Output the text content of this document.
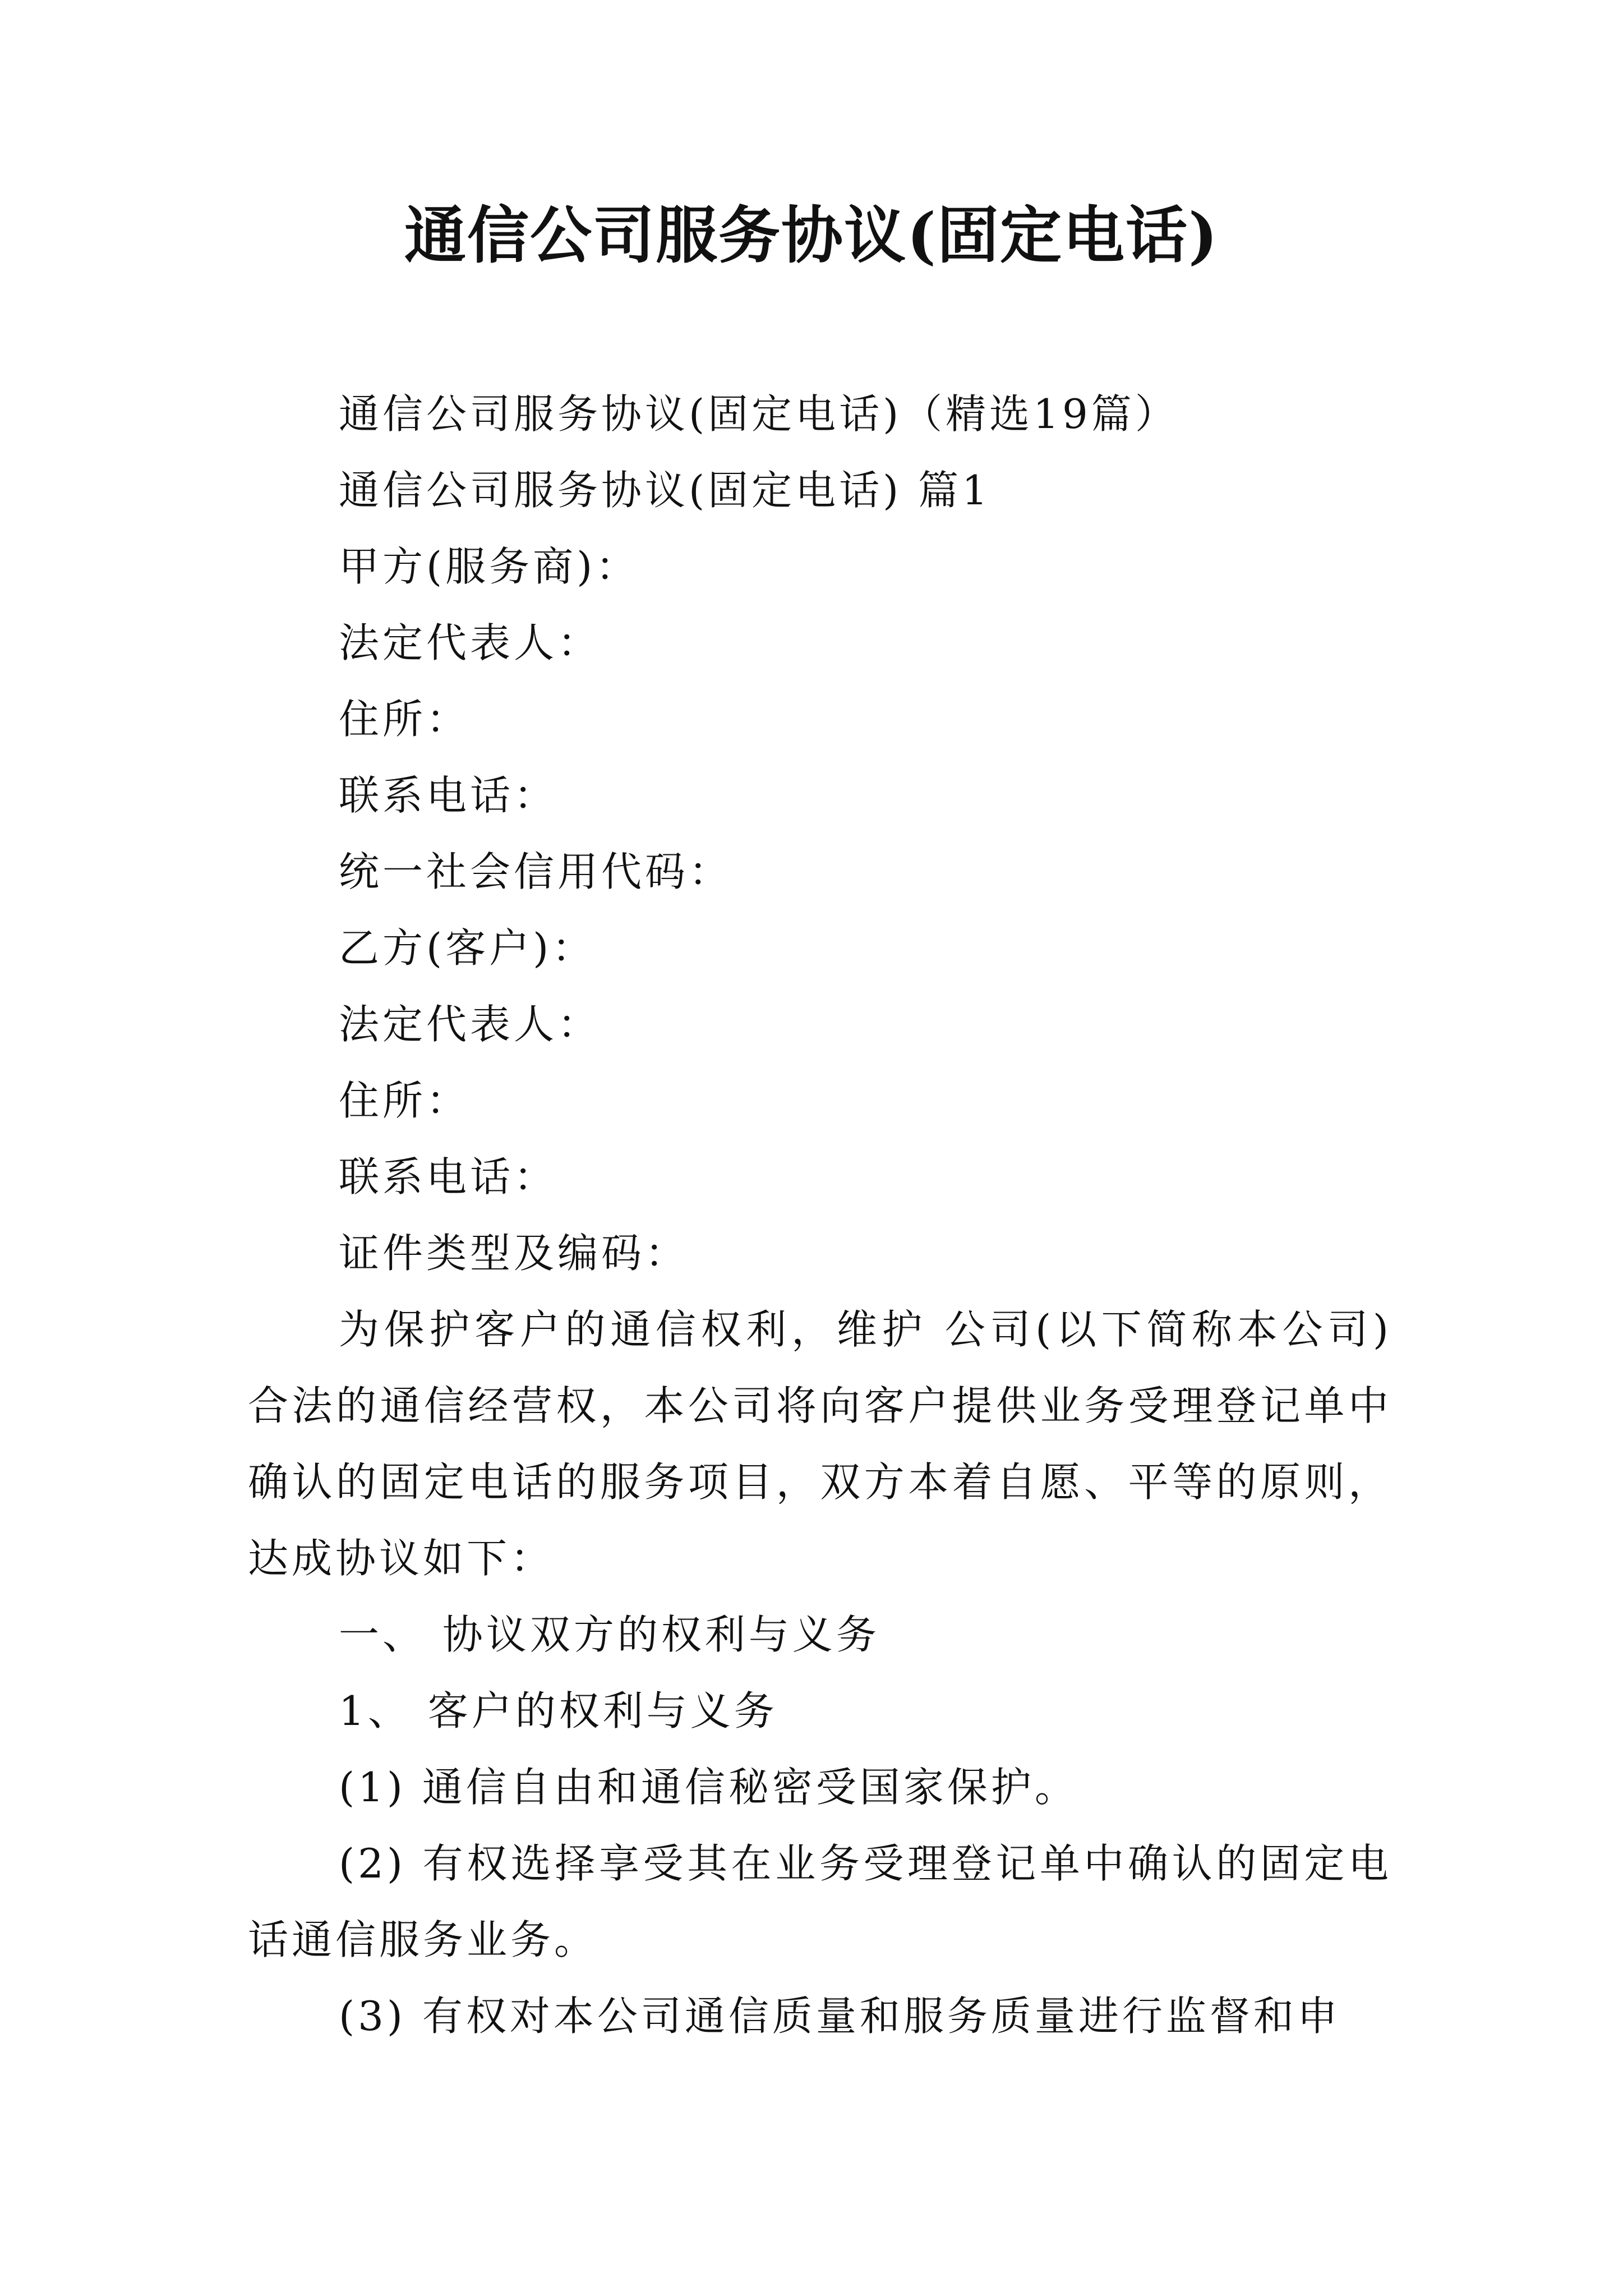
通信公司服务协议(固定电话)

通信公司服务协议(固定电话)（精选19篇）

通信公司服务协议(固定电话) 篇1

甲方(服务商)：

法定代表人：

住所：

联系电话：

统一社会信用代码：

乙方(客户)：

法定代表人：

住所：

联系电话：

证件类型及编码：

为保护客户的通信权利，维护 公司(以下简称本公司)合法的通信经营权，本公司将向客户提供业务受理登记单中确认的固定电话的服务项目，双方本着自愿、平等的原则，达成协议如下：

一、 协议双方的权利与义务

1、 客户的权利与义务

(1) 通信自由和通信秘密受国家保护。

(2) 有权选择享受其在业务受理登记单中确认的固定电话通信服务业务。

(3) 有权对本公司通信质量和服务质量进行监督和申
